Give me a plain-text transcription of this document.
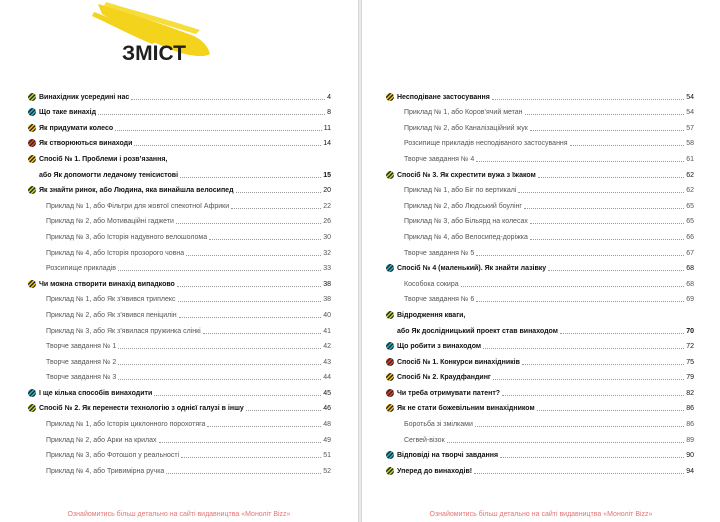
ЗМІСТ
Винахідник усередині нас	4
Що таке винахід	8
Як придумати колесо	11
Як створюються винаходи	14
Спосіб № 1. Проблеми і розв’язання,
або Як допомогти ледачому тенісистові	15
Як знайти ринок, або Людина, яка винайшла велосипед	20
Приклад № 1, або Фільтри для жовтої спекотної Африки	22
Приклад № 2, або Мотиваційні гаджети	26
Приклад № 3, або Історія надувного велошолома	30
Приклад № 4, або Історія прозорого човна	32
Розсипище прикладів	33
Чи можна створити винахід випадково	38
Приклад № 1, або Як з’явився триплекс	38
Приклад № 2, або Як з’явився пеніцилін	40
Приклад № 3, або Як з’явилася пружинка слінкі	41
Творче завдання № 1	42
Творче завдання № 2	43
Творче завдання № 3	44
І ще кілька способів винаходити	45
Спосіб № 2. Як перенести технологію з однієї галузі в іншу	46
Приклад № 1, або Історія циклонного порохотяга	48
Приклад № 2, або Арки на крилах	49
Приклад № 3, або Фотошоп у реальності	51
Приклад № 4, або Тривимірна ручка	52
Ознайомитись більш детально на сайті видавництва «Моноліт Bizz»
Несподіване застосування	54
Приклад № 1, або Коров’ячий метан	54
Приклад № 2, або Каналізаційний жук	57
Розсипище прикладів несподіваного застосування	58
Творче завдання № 4	61
Спосіб № 3. Як схрестити вужа з їжаком	62
Приклад № 1, або Біг по вертикалі	62
Приклад № 2, або Людський боулінг	65
Приклад № 3, або Більярд на колесах	65
Приклад № 4, або Велосипед-доріжка	66
Творче завдання № 5	67
Спосіб № 4 (маленький). Як знайти лазівку	68
Кособока сокира	68
Творче завдання № 6	69
Відродження кваги,
або Як дослідницький проект став винаходом	70
Що робити з винаходом	72
Спосіб № 1. Конкурси винахідників	75
Спосіб № 2. Краудфандинг	79
Чи треба отримувати патент?	82
Як не стати божевільним винахідником	86
Боротьба зі змілками	86
Сегвей-візок	89
Відповіді на творчі завдання	90
Уперед до винаходів!	94
Ознайомитись більш детально на сайті видавництва «Моноліт Bizz»
